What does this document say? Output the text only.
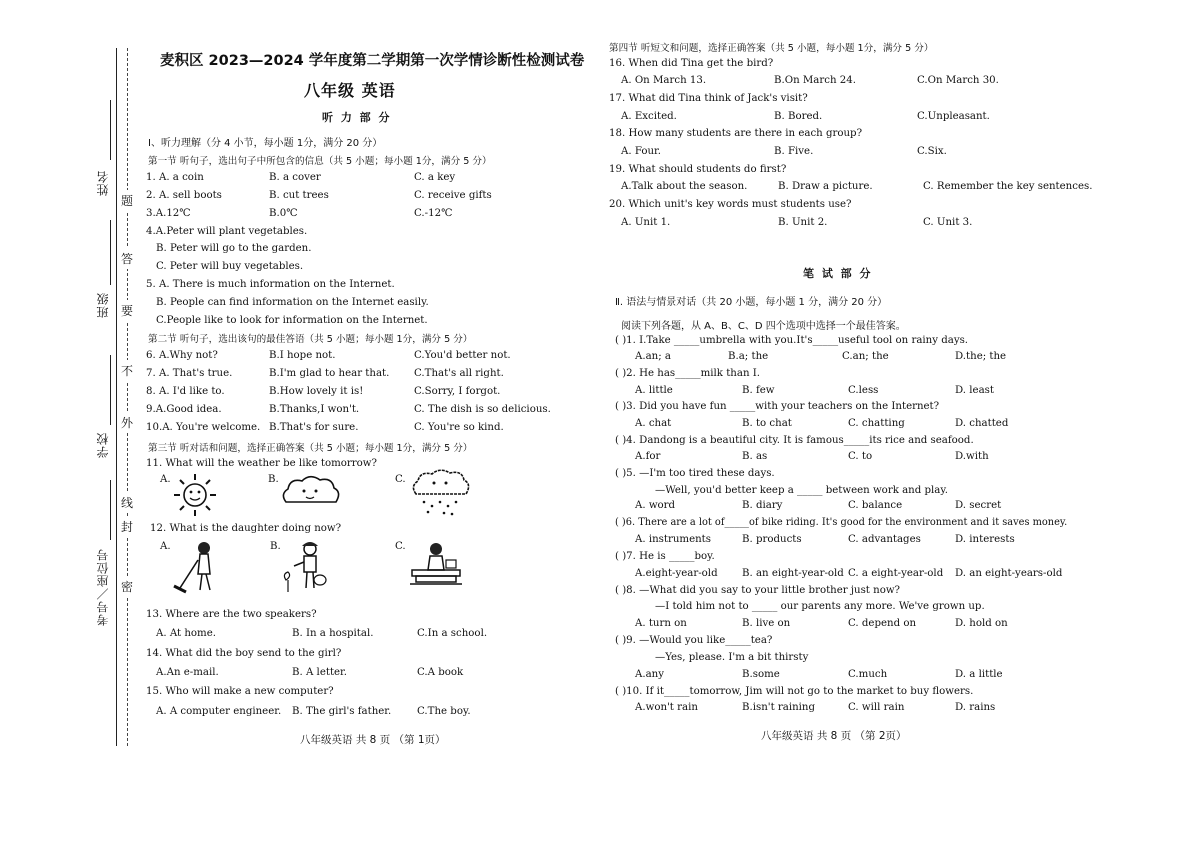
姓名
班级
学校
考号／座位号
题
答
要
不
外
线
封
密
麦积区 2023—2024 学年度第二学期第一次学情诊断性检测试卷
八年级 英语
听 力 部 分
Ⅰ、听力理解（分 4 小节，每小题 1分，满分 20 分）
第一节 听句子，选出句子中所包含的信息（共 5 小题；每小题 1分，满分 5 分）
1. A. a coin	B. a cover	C. a key
2. A. sell boots	B. cut trees	C. receive gifts
3.A.12℃	B.0℃	C.-12℃
4.A.Peter will plant vegetables.
B. Peter will go to the garden.
C. Peter will buy vegetables.
5. A. There is much information on the Internet.
B. People can find information on the Internet easily.
C.People like to look for information on the Internet.
第二节 听句子，选出该句的最佳答语（共 5 小题；每小题 1分，满分 5 分）
6. A.Why not?	B.I hope not.	C.You'd better not.
7. A. That's true.	B.I'm glad to hear that. C.That's all right.
8. A. I'd like to.	B.How lovely it is!	C.Sorry, I forgot.
9.A.Good idea.	B.Thanks,I won't.	C. The dish is so delicious.
10.A. You're welcome. B.That's for sure.	C. You're so kind.
第三节 听对话和问题，选择正确答案（共 5 小题；每小题 1分，满分 5 分）
11. What will the weather be like tomorrow?
A.	B.	C.
12. What is the daughter doing now?
A.	B.	C.
13. Where are the two speakers?
A. At home.	B. In a hospital.	C.In a school.
14. What did the boy send to the girl?
A.An e-mail.	B. A letter.	C.A book
15. Who will make a new computer?
A. A computer engineer. B. The girl's father.	C.The boy.
八年级英语 共 8 页 （第 1页）
第四节 听短文和问题，选择正确答案（共 5 小题，每小题 1分，满分 5 分）
16. When did Tina get the bird?
A. On March 13.	B.On March 24.	C.On March 30.
17. What did Tina think of Jack's visit?
A. Excited.	B. Bored.	C.Unpleasant.
18. How many students are there in each group?
A. Four.	B. Five.	C.Six.
19. What should students do first?
A.Talk about the season.	B. Draw a picture.	C. Remember the key sentences.
20. Which unit's key words must students use?
A. Unit 1.	B. Unit 2.	C. Unit 3.
笔 试 部 分
Ⅱ. 语法与情景对话（共 20 小题，每小题 1 分，满分 20 分）
阅读下列各题，从 A、B、C、D 四个选项中选择一个最佳答案。
( )1. I.Take _____umbrella with you.It's_____useful tool on rainy days.
A.an; a	B.a; the	C.an; the	D.the; the
( )2. He has_____milk than I.
A. little	B. few	C.less	D. least
( )3. Did you have fun _____with your teachers on the Internet?
A. chat	B. to chat	C. chatting	D. chatted
( )4. Dandong is a beautiful city. It is famous_____its rice and seafood.
A.for	B. as	C. to	D.with
( )5. —I'm too tired these days.
—Well, you'd better keep a _____ between work and play.
A. word	B. diary	C. balance	D. secret
( )6. There are a lot of_____of bike riding. It's good for the environment and it saves money.
A. instruments	B. products	C. advantages	D. interests
( )7. He is _____boy.
A.eight-year-old B. an eight-year-old C. a eight-year-old D. an eight-years-old
( )8. —What did you say to your little brother just now?
—I told him not to _____ our parents any more. We've grown up.
A. turn on	B. live on	C. depend on	D. hold on
( )9. —Would you like_____tea?
—Yes, please. I'm a bit thirsty
A.any	B.some	C.much	D. a little
( )10. If it_____tomorrow, Jim will not go to the market to buy flowers.
A.won't rain	B.isn't raining	C. will rain	D. rains
八年级英语 共 8 页 （第 2页）
